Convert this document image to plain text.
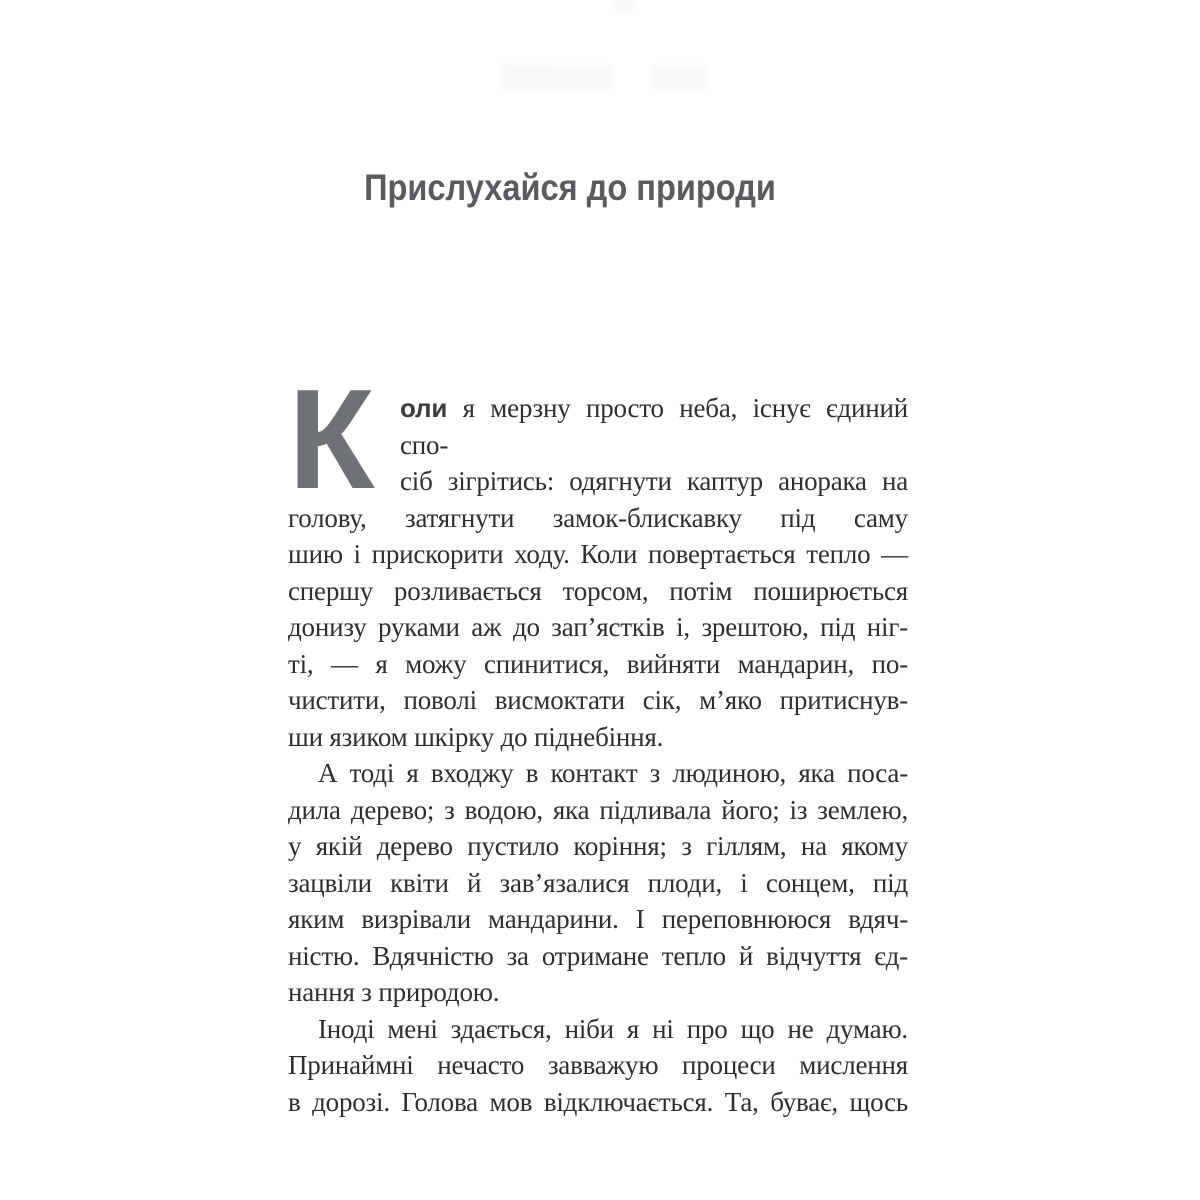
Прислухайся до природи
К оли я мерзну просто неба, існує єдиний спо-
сіб зігрітись: одягнути каптур анорака на
голову, затягнути замок-блискавку під саму
шию і прискорити ходу. Коли повертається тепло —
спершу розливається торсом, потім поширюється
донизу руками аж до зап’ястків і, зрештою, під ніг-
ті, — я можу спинитися, вийняти мандарин, по-
чистити, поволі висмоктати сік, м’яко притиснув-
ши язиком шкірку до піднебіння.
А тоді я входжу в контакт з людиною, яка поса-
дила дерево; з водою, яка підливала його; із землею,
у якій дерево пустило коріння; з гіллям, на якому
зацвіли квіти й зав’язалися плоди, і сонцем, під
яким визрівали мандарини. І переповнююся вдяч-
ністю. Вдячністю за отримане тепло й відчуття єд-
нання з природою.
Іноді мені здається, ніби я ні про що не думаю.
Принаймні нечасто завважую процеси мислення
в дорозі. Голова мов відключається. Та, буває, щось
